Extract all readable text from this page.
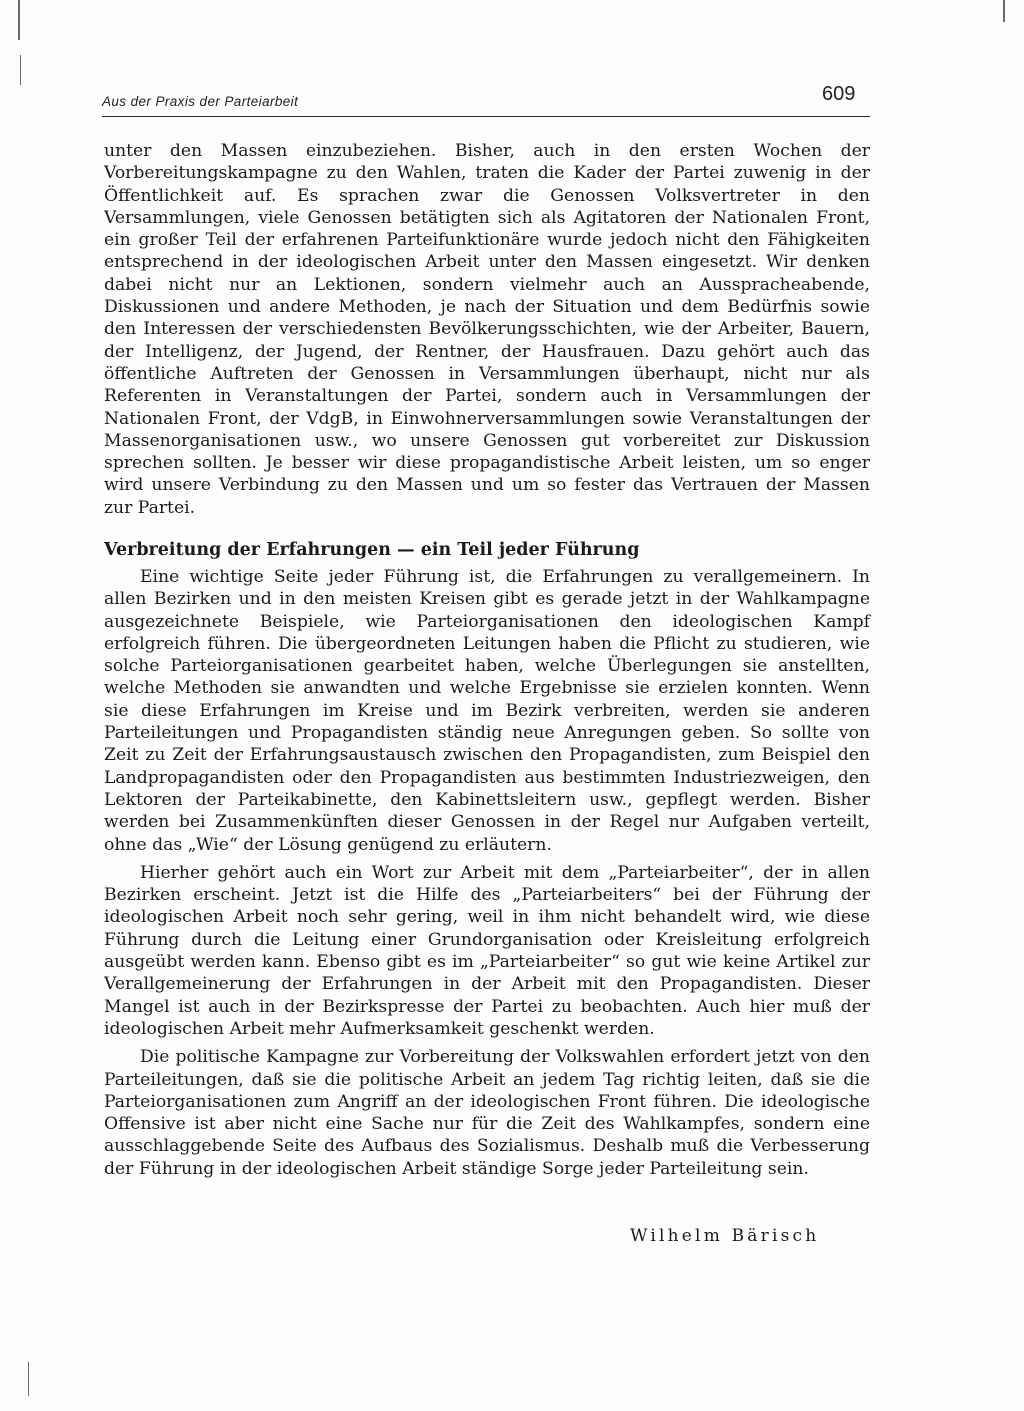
Aus der Praxis der Parteiarbeit	609

unter den Massen einzubeziehen. Bisher, auch in den ersten Wochen der Vorbereitungskampagne zu den Wahlen, traten die Kader der Partei zuwenig in der Öffentlichkeit auf. Es sprachen zwar die Genossen Volksvertreter in den Versammlungen, viele Genossen betätigten sich als Agitatoren der Nationalen Front, ein großer Teil der erfahrenen Parteifunktionäre wurde jedoch nicht den Fähigkeiten entsprechend in der ideologischen Arbeit unter den Massen eingesetzt. Wir denken dabei nicht nur an Lektionen, sondern vielmehr auch an Ausspracheabende, Diskussionen und andere Methoden, je nach der Situation und dem Bedürfnis sowie den Interessen der verschiedensten Bevölkerungsschichten, wie der Arbeiter, Bauern, der Intelligenz, der Jugend, der Rentner, der Hausfrauen. Dazu gehört auch das öffentliche Auftreten der Genossen in Versammlungen überhaupt, nicht nur als Referenten in Veranstaltungen der Partei, sondern auch in Versammlungen der Nationalen Front, der VdgB, in Einwohnerversammlungen sowie Veranstaltungen der Massenorganisationen usw., wo unsere Genossen gut vorbereitet zur Diskussion sprechen sollten. Je besser wir diese propagandistische Arbeit leisten, um so enger wird unsere Verbindung zu den Massen und um so fester das Vertrauen der Massen zur Partei.

Verbreitung der Erfahrungen — ein Teil jeder Führung

Eine wichtige Seite jeder Führung ist, die Erfahrungen zu verallgemeinern. In allen Bezirken und in den meisten Kreisen gibt es gerade jetzt in der Wahlkampagne ausgezeichnete Beispiele, wie Parteiorganisationen den ideologischen Kampf erfolgreich führen. Die übergeordneten Leitungen haben die Pflicht zu studieren, wie solche Parteiorganisationen gearbeitet haben, welche Überlegungen sie anstellten, welche Methoden sie anwandten und welche Ergebnisse sie erzielen konnten. Wenn sie diese Erfahrungen im Kreise und im Bezirk verbreiten, werden sie anderen Parteileitungen und Propagandisten ständig neue Anregungen geben. So sollte von Zeit zu Zeit der Erfahrungsaustausch zwischen den Propagandisten, zum Beispiel den Landpropagandisten oder den Propagandisten aus bestimmten Industriezweigen, den Lektoren der Parteikabinette, den Kabinettsleitern usw., gepflegt werden. Bisher werden bei Zusammenkünften dieser Genossen in der Regel nur Aufgaben verteilt, ohne das „Wie“ der Lösung genügend zu erläutern.

Hierher gehört auch ein Wort zur Arbeit mit dem „Parteiarbeiter“, der in allen Bezirken erscheint. Jetzt ist die Hilfe des „Parteiarbeiters“ bei der Führung der ideologischen Arbeit noch sehr gering, weil in ihm nicht behandelt wird, wie diese Führung durch die Leitung einer Grundorganisation oder Kreisleitung erfolgreich ausgeübt werden kann. Ebenso gibt es im „Parteiarbeiter“ so gut wie keine Artikel zur Verallgemeinerung der Erfahrungen in der Arbeit mit den Propagandisten. Dieser Mangel ist auch in der Bezirkspresse der Partei zu beobachten. Auch hier muß der ideologischen Arbeit mehr Aufmerksamkeit geschenkt werden.

Die politische Kampagne zur Vorbereitung der Volkswahlen erfordert jetzt von den Parteileitungen, daß sie die politische Arbeit an jedem Tag richtig leiten, daß sie die Parteiorganisationen zum Angriff an der ideologischen Front führen. Die ideologische Offensive ist aber nicht eine Sache nur für die Zeit des Wahlkampfes, sondern eine ausschlaggebende Seite des Aufbaus des Sozialismus. Deshalb muß die Verbesserung der Führung in der ideologischen Arbeit ständige Sorge jeder Parteileitung sein.

Wilhelm Bärisch
